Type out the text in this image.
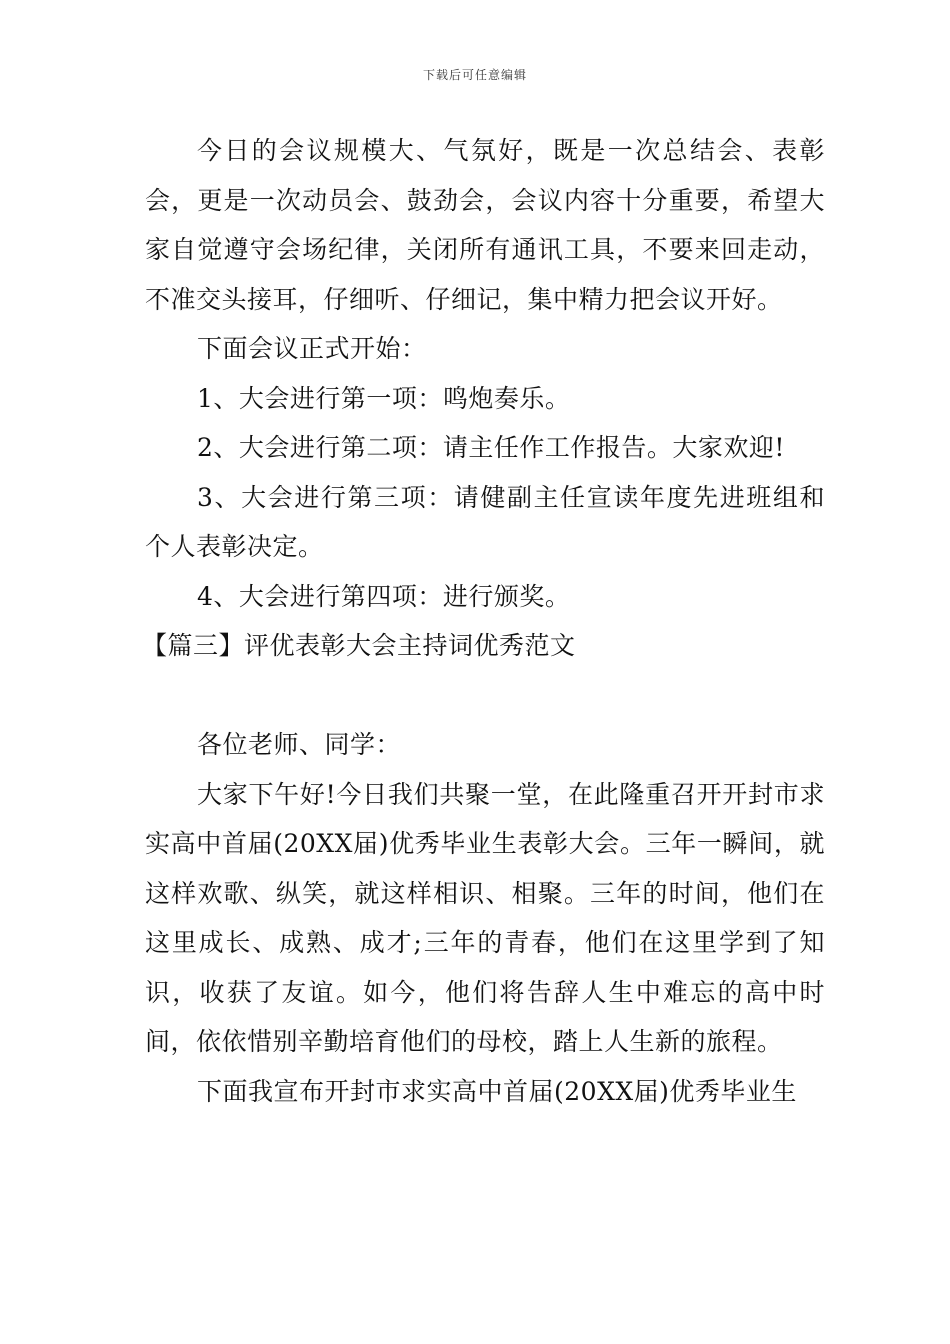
下载后可任意编辑

今日的会议规模大、气氛好，既是一次总结会、表彰会，更是一次动员会、鼓劲会，会议内容十分重要，希望大家自觉遵守会场纪律，关闭所有通讯工具，不要来回走动，不准交头接耳，仔细听、仔细记，集中精力把会议开好。

下面会议正式开始：

1、大会进行第一项：鸣炮奏乐。

2、大会进行第二项：请主任作工作报告。大家欢迎!

3、大会进行第三项：请健副主任宣读年度先进班组和个人表彰决定。

4、大会进行第四项：进行颁奖。

【篇三】评优表彰大会主持词优秀范文

各位老师、同学：

大家下午好!今日我们共聚一堂，在此隆重召开开封市求实高中首届(20XX届)优秀毕业生表彰大会。三年一瞬间，就这样欢歌、纵笑，就这样相识、相聚。三年的时间，他们在这里成长、成熟、成才;三年的青春，他们在这里学到了知识，收获了友谊。如今，他们将告辞人生中难忘的高中时间，依依惜别辛勤培育他们的母校，踏上人生新的旅程。

下面我宣布开封市求实高中首届(20XX届)优秀毕业生
